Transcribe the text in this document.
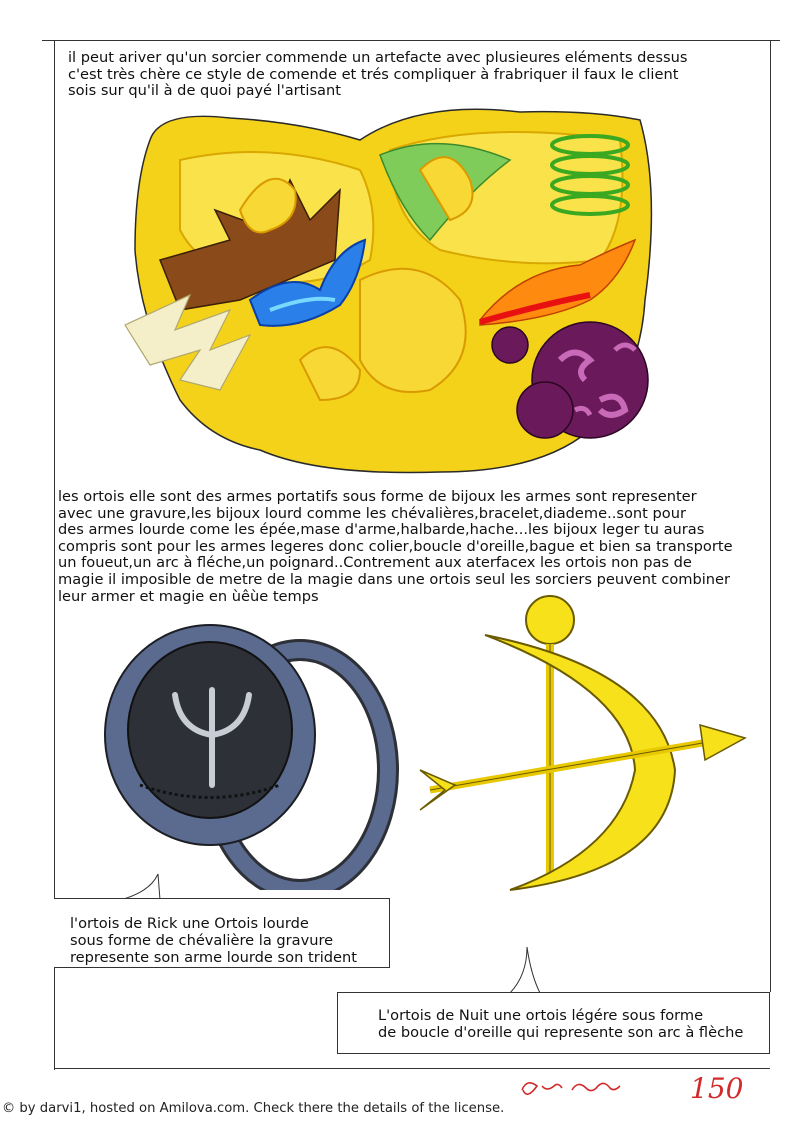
il peut ariver qu'un sorcier commende un artefacte avec plusieures eléments dessus
c'est très chère ce style de comende et trés compliquer à frabriquer il faux le client
sois sur qu'il à de quoi payé l'artisant
les ortois elle sont des armes portatifs sous forme de bijoux les armes sont representer
avec une gravure,les bijoux lourd comme les chévalières,bracelet,diademe..sont pour
des armes lourde come les épée,mase d'arme,halbarde,hache...les bijoux leger tu auras
compris sont pour les armes legeres donc colier,boucle d'oreille,bague et bien sa transporte
un foueut,un arc à fléche,un poignard..Contrement aux aterfacex les ortois non pas de
magie il imposible de metre de la magie dans une ortois seul les sorciers peuvent combiner
leur armer et magie en ùêùe temps
l'ortois de Rick une Ortois lourde
sous forme de chévalière la gravure
represente son arme lourde son trident
L'ortois de Nuit une ortois légére sous forme
de boucle d'oreille qui represente son arc à flèche
150
© by darvi1, hosted on Amilova.com. Check there the details of the license.
